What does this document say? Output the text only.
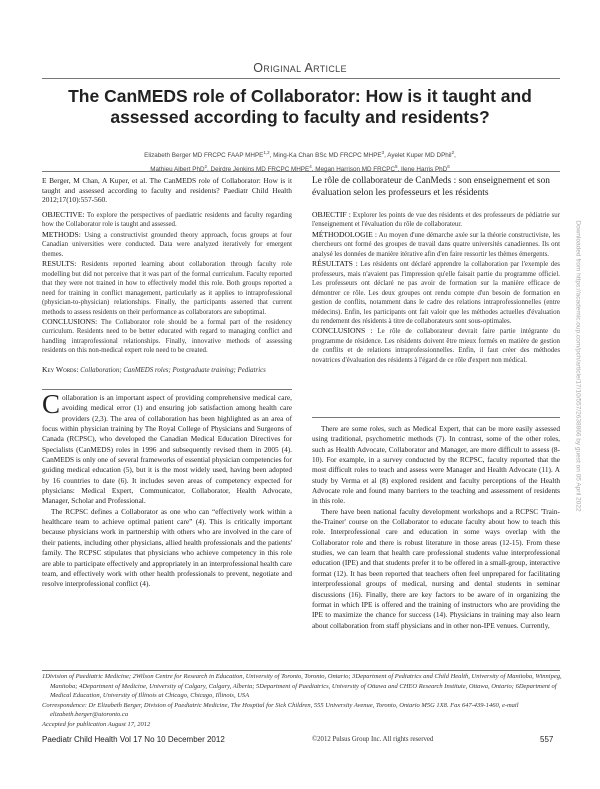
Original Article
The CanMEDS role of Collaborator: How is it taught and assessed according to faculty and residents?
Elizabeth Berger MD FRCPC FAAP MHPE$^{1,2}$, Ming-Ka Chan BSc MD FRCPC MHPE$^3$, Ayelet Kuper MD DPhil$^2$,
Mathieu Albert PhD$^2$, Deirdre Jenkins MD FRCPC MHPE$^4$, Megan Harrison MD FRCPC$^5$, Ilene Harris PhD$^6$
E Berger, M Chan, A Kuper, et al. The CanMEDS role of Collaborator: How is it taught and assessed according to faculty and residents? Paediatr Child Health 2012;17(10):557-560.
Le rôle de collaborateur de CanMeds : son enseignement et son évaluation selon les professeurs et les résidents
OBJECTIVE: To explore the perspectives of paediatric residents and faculty regarding how the Collaborator role is taught and assessed.
METHODS: Using a constructivist grounded theory approach, focus groups at four Canadian universities were conducted. Data were analyzed iteratively for emergent themes.
RESULTS: Residents reported learning about collaboration through faculty role modelling but did not perceive that it was part of the formal curriculum. Faculty reported that they were not trained in how to effectively model this role. Both groups reported a need for training in conflict management, particularly as it applies to intraprofessional (physician-to-physician) relationships. Finally, the participants asserted that current methods to assess residents on their performance as collaborators are suboptimal.
CONCLUSIONS: The Collaborator role should be a formal part of the residency curriculum. Residents need to be better educated with regard to managing conflict and handling intraprofessional relationships. Finally, innovative methods of assessing residents on this non-medical expert role need to be created.
Key Words: Collaboration; CanMEDS roles; Postgraduate training; Pediatrics
OBJECTIF : Explorer les points de vue des résidents et des professeurs de pédiatrie sur l'enseignement et l'évaluation du rôle de collaborateur.
MÉTHODOLOGIE : Au moyen d'une démarche axée sur la théorie constructiviste, les chercheurs ont formé des groupes de travail dans quatre universités canadiennes. Ils ont analysé les données de manière itérative afin d'en faire ressortir les thèmes émergents.
RÉSULTATS : Les résidents ont déclaré apprendre la collaboration par l'exemple des professeurs, mais n'avaient pas l'impression qu'elle faisait partie du programme officiel. Les professeurs ont déclaré ne pas avoir de formation sur la manière efficace de démontrer ce rôle. Les deux groupes ont rendu compte d'un besoin de formation en gestion de conflits, notamment dans le cadre des relations intraprofessionnelles (entre médecins). Enfin, les participants ont fait valoir que les méthodes actuelles d'évaluation du rendement des résidents à titre de collaborateurs sont sous-optimales.
CONCLUSIONS : Le rôle de collaborateur devrait faire partie intégrante du programme de résidence. Les résidents doivent être mieux formés en matière de gestion de conflits et de relations intraprofessionnelles. Enfin, il faut créer des méthodes novatrices d'évaluation des résidents à l'égard de ce rôle d'expert non médical.

Collaboration is an important aspect of providing comprehensive medical care, avoiding medical error (1) and ensuring job satisfaction among health care providers (2,3). The area of collaboration has been highlighted as an area of focus within physician training by The Royal College of Physicians and Surgeons of Canada (RCPSC), who developed the Canadian Medical Education Directives for Specialists (CanMEDS) roles in 1996 and subsequently revised them in 2005 (4). CanMEDS is only one of several frameworks of essential physician competencies for guiding medical education (5), but it is the most widely used, having been adopted by 16 countries to date (6). It includes seven areas of competency expected for physicians: Medical Expert, Communicator, Collaborator, Health Advocate, Manager, Scholar and Professional.

The RCPSC defines a Collaborator as one who can “effectively work within a healthcare team to achieve optimal patient care” (4). This is critically important because physicians work in partnership with others who are involved in the care of their patients, including other physicians, allied health professionals and the patients' family. The RCPSC stipulates that physicians who achieve competency in this role are able to participate effectively and appropriately in an interprofessional health care team, and effectively work with other health professionals to prevent, negotiate and resolve interprofessional conflict (4).

There are some roles, such as Medical Expert, that can be more easily assessed using traditional, psychometric methods (7). In contrast, some of the other roles, such as Health Advocate, Collaborator and Manager, are more difficult to assess (8-10). For example, in a survey conducted by the RCPSC, faculty reported that the most difficult roles to teach and assess were Manager and Health Advocate (11). A study by Verma et al (8) explored resident and faculty perceptions of the Health Advocate role and found many barriers to the teaching and assessment of residents in this role.

There have been national faculty development workshops and a RCPSC 'Train-the-Trainer' course on the Collaborator to educate faculty about how to teach this role. Interprofessional care and education in some ways overlap with the Collaborator role and there is robust literature in those areas (12-15). From these studies, we can learn that health care professional students value interprofessional education (IPE) and that students prefer it to be offered in a small-group, interactive format (12). It has been reported that teachers often feel unprepared for facilitating interprofessional groups of medical, nursing and dental students in seminar discussions (16). Finally, there are key factors to be aware of in organizing the format in which IPE is offered and the training of instructors who are providing the IPE to maximize the chance for success (14). Physicians in training may also learn about collaboration from staff physicians and in other non-IPE venues. Currently,

1Division of Paediatric Medicine; 2Wilson Centre for Research in Education, University of Toronto, Toronto, Ontario; 3Department of Pediatrics and Child Health, University of Manitoba, Winnipeg, Manitoba; 4Department of Medicine, University of Calgary, Calgary, Alberta; 5Department of Paediatrics, University of Ottawa and CHEO Research Institute, Ottawa, Ontario; 6Department of Medical Education, University of Illinois at Chicago, Chicago, Illinois, USA

Correspondence: Dr Elizabeth Berger, Division of Paediatric Medicine, The Hospital for Sick Children, 555 University Avenue, Toronto, Ontario M5G 1X8. Fax 647-439-1460, e-mail elizabeth.berger@utoronto.ca

Accepted for publication August 17, 2012

Paediatr Child Health Vol 17 No 10 December 2012	©2012 Pulsus Group Inc. All rights reserved	557
Downloaded from https://academic.oup.com/pch/article/17/10/557/2638866 by guest on 05 April 2022
